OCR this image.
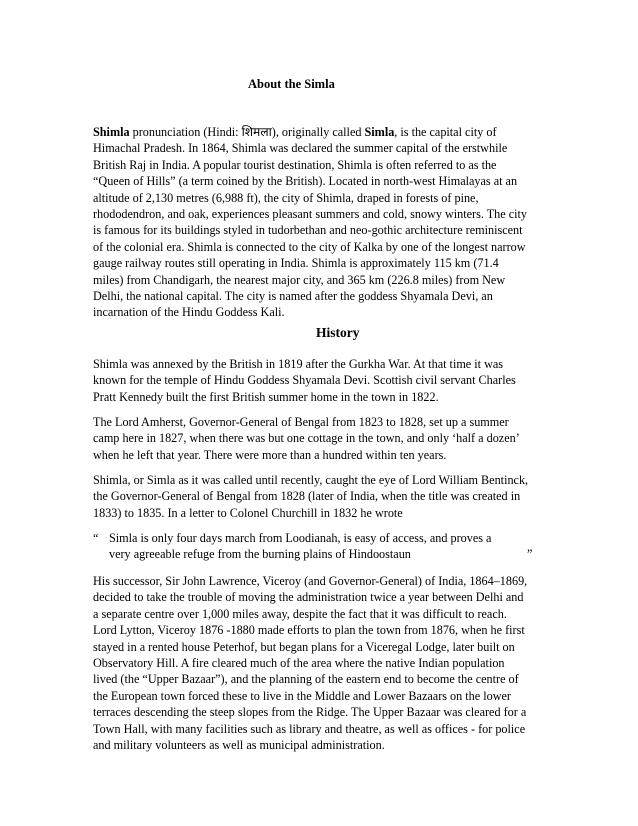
About the Simla
Shimla pronunciation (Hindi: शिमला), originally called Simla, is the capital city of
Himachal Pradesh. In 1864, Shimla was declared the summer capital of the erstwhile
British Raj in India. A popular tourist destination, Shimla is often referred to as the
“Queen of Hills” (a term coined by the British). Located in north-west Himalayas at an
altitude of 2,130 metres (6,988 ft), the city of Shimla, draped in forests of pine,
rhododendron, and oak, experiences pleasant summers and cold, snowy winters. The city
is famous for its buildings styled in tudorbethan and neo-gothic architecture reminiscent
of the colonial era. Shimla is connected to the city of Kalka by one of the longest narrow
gauge railway routes still operating in India. Shimla is approximately 115 km (71.4
miles) from Chandigarh, the nearest major city, and 365 km (226.8 miles) from New
Delhi, the national capital. The city is named after the goddess Shyamala Devi, an
incarnation of the Hindu Goddess Kali.
History
Shimla was annexed by the British in 1819 after the Gurkha War. At that time it was
known for the temple of Hindu Goddess Shyamala Devi. Scottish civil servant Charles
Pratt Kennedy built the first British summer home in the town in 1822.
The Lord Amherst, Governor-General of Bengal from 1823 to 1828, set up a summer
camp here in 1827, when there was but one cottage in the town, and only ‘half a dozen’
when he left that year. There were more than a hundred within ten years.
Shimla, or Simla as it was called until recently, caught the eye of Lord William Bentinck,
the Governor-General of Bengal from 1828 (later of India, when the title was created in
1833) to 1835. In a letter to Colonel Churchill in 1832 he wrote
“ Simla is only four days march from Loodianah, is easy of access, and proves a
very agreeable refuge from the burning plains of Hindoostaun	”
His successor, Sir John Lawrence, Viceroy (and Governor-General) of India, 1864–1869,
decided to take the trouble of moving the administration twice a year between Delhi and
a separate centre over 1,000 miles away, despite the fact that it was difficult to reach.
Lord Lytton, Viceroy 1876 -1880 made efforts to plan the town from 1876, when he first
stayed in a rented house Peterhof, but began plans for a Viceregal Lodge, later built on
Observatory Hill. A fire cleared much of the area where the native Indian population
lived (the “Upper Bazaar”), and the planning of the eastern end to become the centre of
the European town forced these to live in the Middle and Lower Bazaars on the lower
terraces descending the steep slopes from the Ridge. The Upper Bazaar was cleared for a
Town Hall, with many facilities such as library and theatre, as well as offices - for police
and military volunteers as well as municipal administration.
